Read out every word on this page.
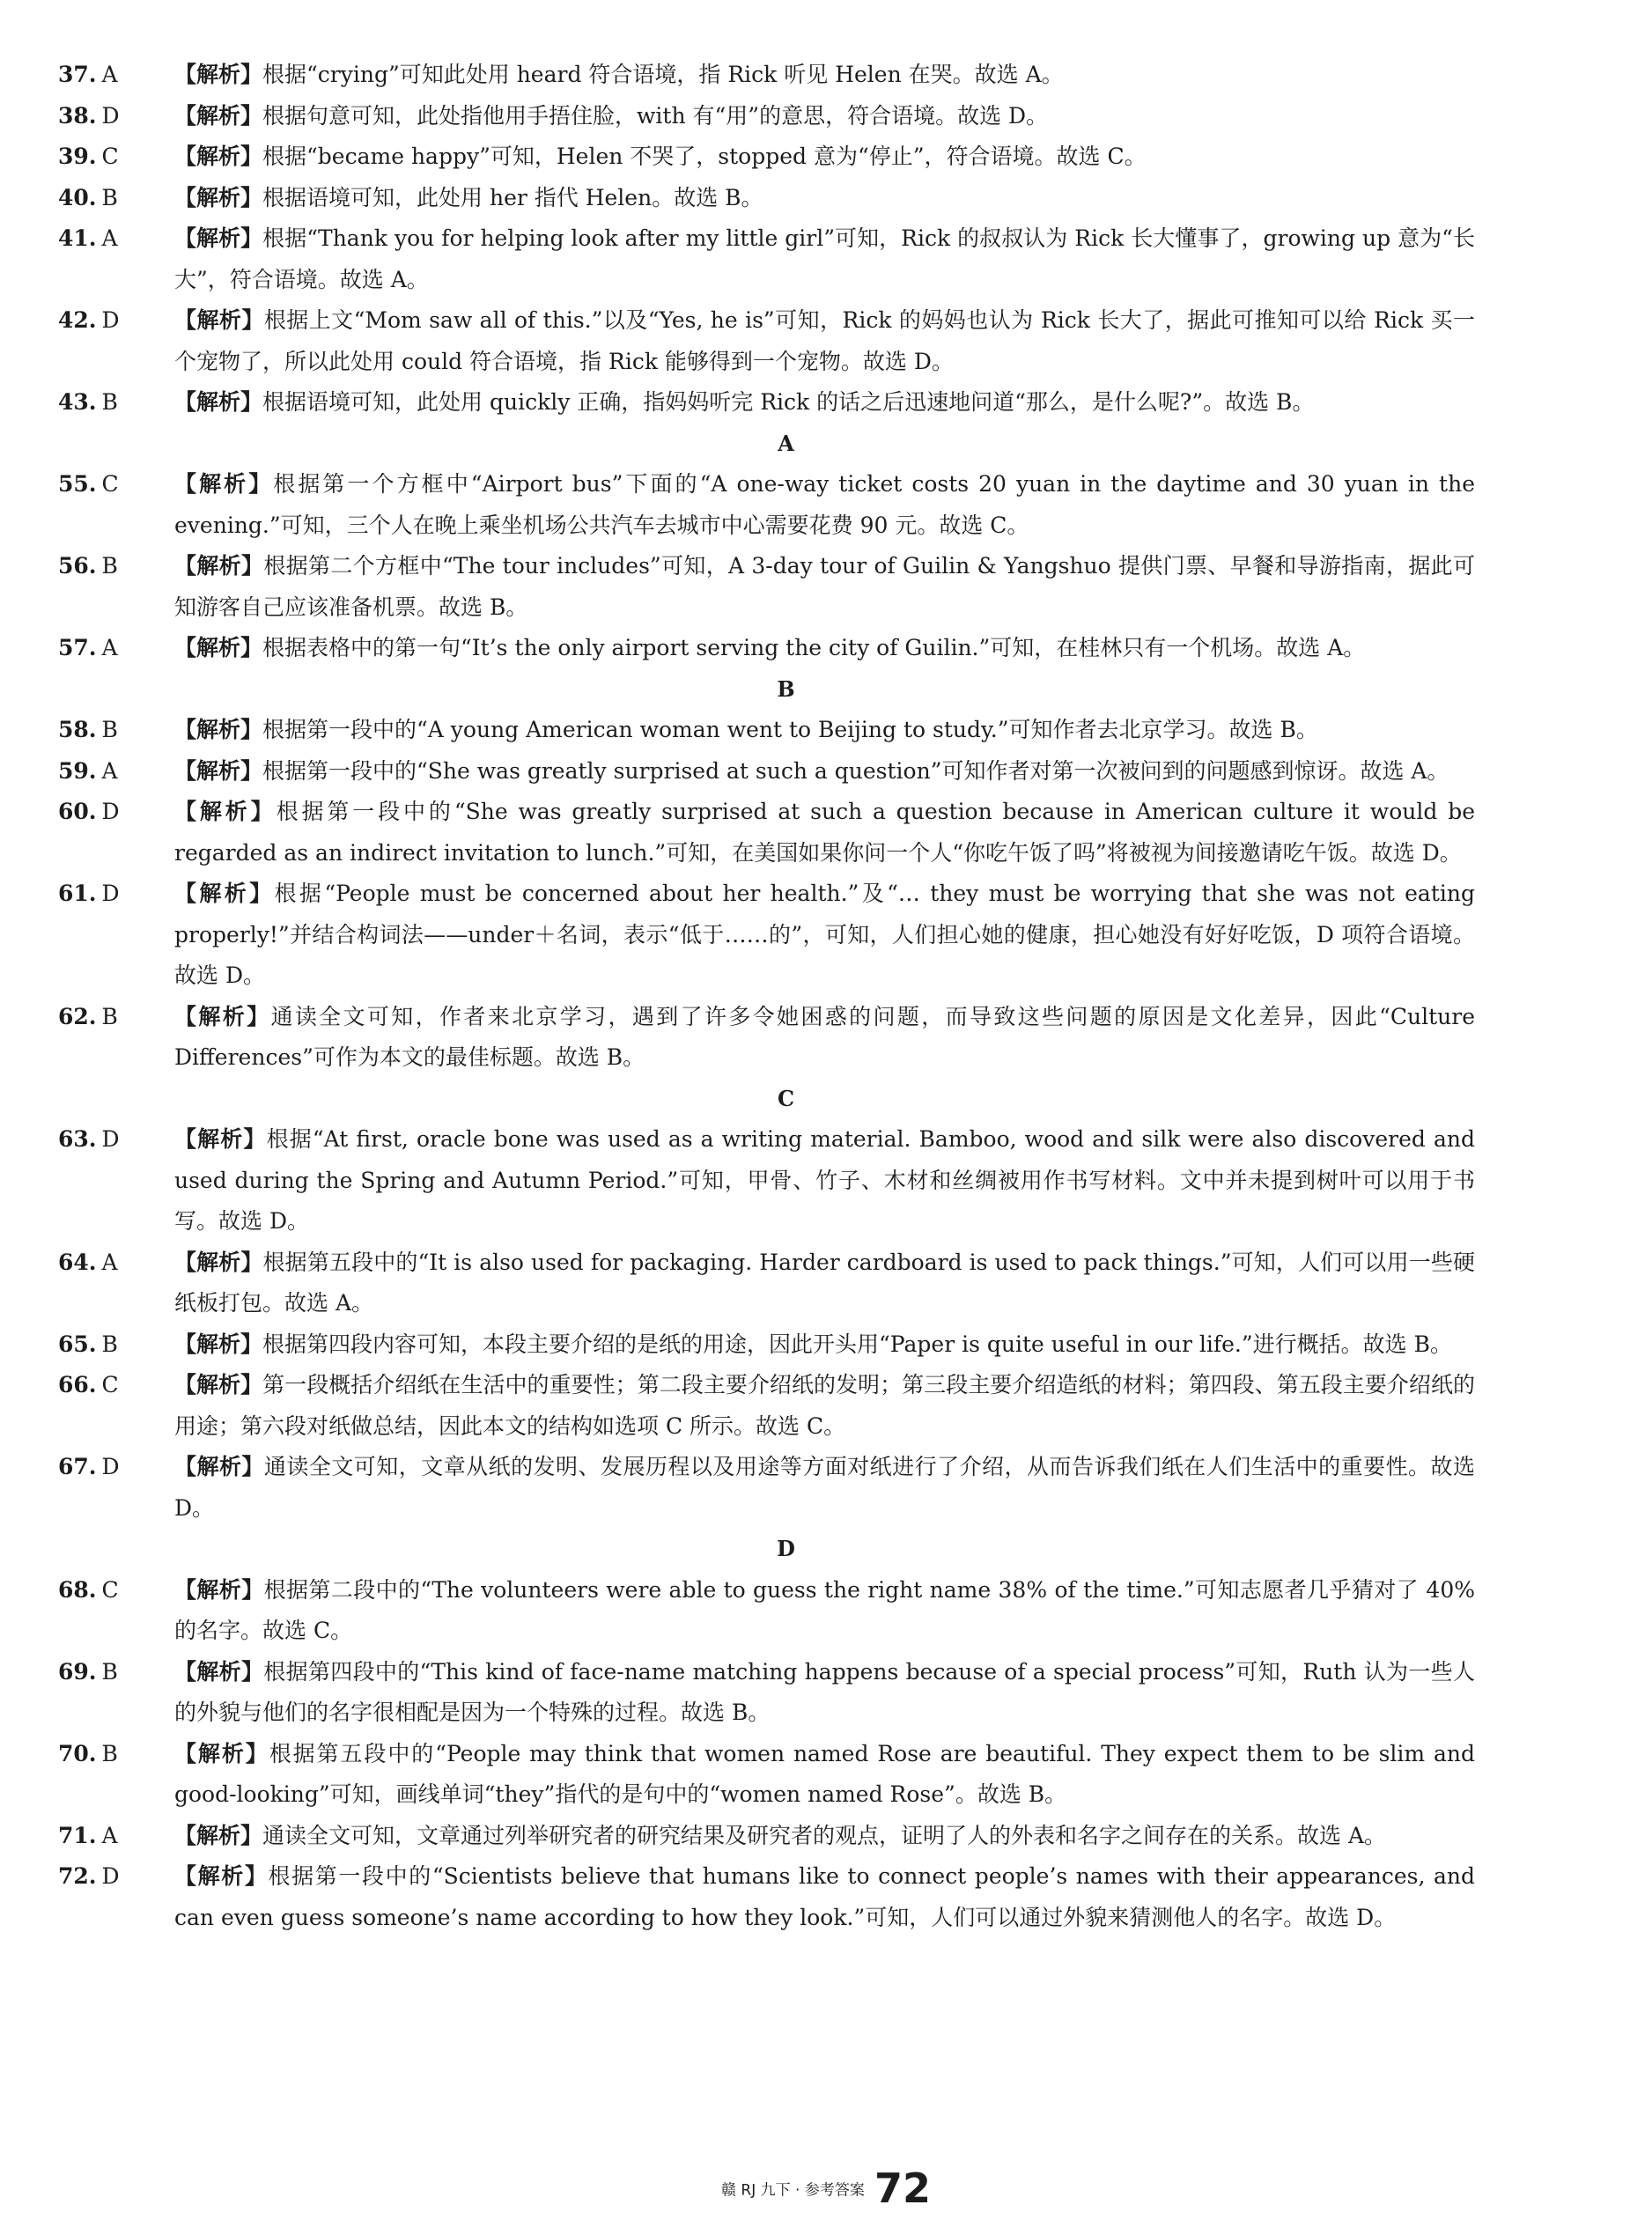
37. A	【解析】根据“crying”可知此处用 heard 符合语境，指 Rick 听见 Helen 在哭。故选 A。
38. D	【解析】根据句意可知，此处指他用手捂住脸，with 有“用”的意思，符合语境。故选 D。
39. C	【解析】根据“became happy”可知，Helen 不哭了，stopped 意为“停止”，符合语境。故选 C。
40. B	【解析】根据语境可知，此处用 her 指代 Helen。故选 B。
41. A	【解析】根据“Thank you for helping look after my little girl”可知，Rick 的叔叔认为 Rick 长大懂事了，growing up 意为“长大”，符合语境。故选 A。
42. D	【解析】根据上文“Mom saw all of this.”以及“Yes, he is”可知，Rick 的妈妈也认为 Rick 长大了，据此可推知可以给 Rick 买一个宠物了，所以此处用 could 符合语境，指 Rick 能够得到一个宠物。故选 D。
43. B	【解析】根据语境可知，此处用 quickly 正确，指妈妈听完 Rick 的话之后迅速地问道“那么，是什么呢?”。故选 B。
A
55. C	【解析】根据第一个方框中“Airport bus”下面的“A one-way ticket costs 20 yuan in the daytime and 30 yuan in the evening.”可知，三个人在晚上乘坐机场公共汽车去城市中心需要花费 90 元。故选 C。
56. B	【解析】根据第二个方框中“The tour includes”可知，A 3-day tour of Guilin & Yangshuo 提供门票、早餐和导游指南，据此可知游客自己应该准备机票。故选 B。
57. A	【解析】根据表格中的第一句“It’s the only airport serving the city of Guilin.”可知，在桂林只有一个机场。故选 A。
B
58. B	【解析】根据第一段中的“A young American woman went to Beijing to study.”可知作者去北京学习。故选 B。
59. A	【解析】根据第一段中的“She was greatly surprised at such a question”可知作者对第一次被问到的问题感到惊讶。故选 A。
60. D	【解析】根据第一段中的“She was greatly surprised at such a question because in American culture it would be regarded as an indirect invitation to lunch.”可知，在美国如果你问一个人“你吃午饭了吗”将被视为间接邀请吃午饭。故选 D。
61. D	【解析】根据“People must be concerned about her health.”及“… they must be worrying that she was not eating properly!”并结合构词法——under＋名词，表示“低于……的”，可知，人们担心她的健康，担心她没有好好吃饭，D 项符合语境。故选 D。
62. B	【解析】通读全文可知，作者来北京学习，遇到了许多令她困惑的问题，而导致这些问题的原因是文化差异，因此“Culture Differences”可作为本文的最佳标题。故选 B。
C
63. D	【解析】根据“At first, oracle bone was used as a writing material. Bamboo, wood and silk were also discovered and used during the Spring and Autumn Period.”可知，甲骨、竹子、木材和丝绸被用作书写材料。文中并未提到树叶可以用于书写。故选 D。
64. A	【解析】根据第五段中的“It is also used for packaging. Harder cardboard is used to pack things.”可知，人们可以用一些硬纸板打包。故选 A。
65. B	【解析】根据第四段内容可知，本段主要介绍的是纸的用途，因此开头用“Paper is quite useful in our life.”进行概括。故选 B。
66. C	【解析】第一段概括介绍纸在生活中的重要性；第二段主要介绍纸的发明；第三段主要介绍造纸的材料；第四段、第五段主要介绍纸的用途；第六段对纸做总结，因此本文的结构如选项 C 所示。故选 C。
67. D	【解析】通读全文可知，文章从纸的发明、发展历程以及用途等方面对纸进行了介绍，从而告诉我们纸在人们生活中的重要性。故选 D。
D
68. C	【解析】根据第二段中的“The volunteers were able to guess the right name 38% of the time.”可知志愿者几乎猜对了 40% 的名字。故选 C。
69. B	【解析】根据第四段中的“This kind of face-name matching happens because of a special process”可知，Ruth 认为一些人的外貌与他们的名字很相配是因为一个特殊的过程。故选 B。
70. B	【解析】根据第五段中的“People may think that women named Rose are beautiful. They expect them to be slim and good-looking”可知，画线单词“they”指代的是句中的“women named Rose”。故选 B。
71. A	【解析】通读全文可知，文章通过列举研究者的研究结果及研究者的观点，证明了人的外表和名字之间存在的关系。故选 A。
72. D	【解析】根据第一段中的“Scientists believe that humans like to connect people’s names with their appearances, and can even guess someone’s name according to how they look.”可知，人们可以通过外貌来猜测他人的名字。故选 D。
赣 RJ 九下 · 参考答案 72
